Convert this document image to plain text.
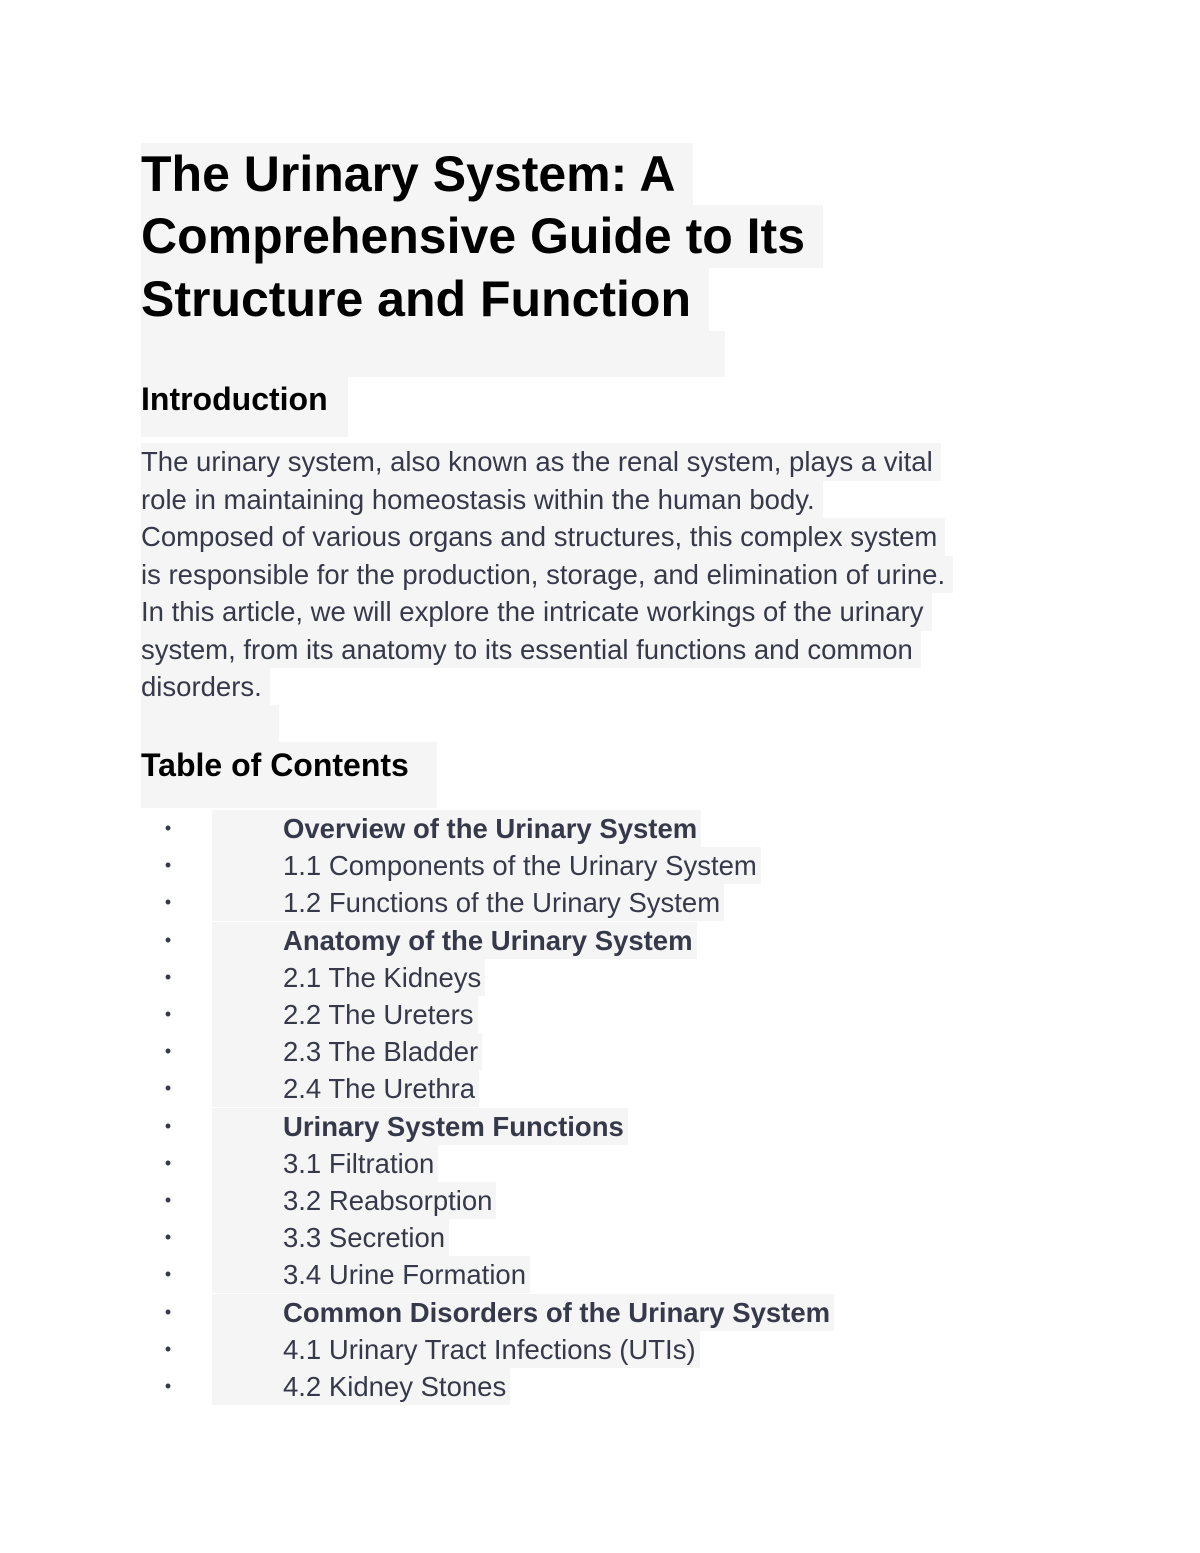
The Urinary System: A
Comprehensive Guide to Its
Structure and Function
Introduction
The urinary system, also known as the renal system, plays a vital
role in maintaining homeostasis within the human body.
Composed of various organs and structures, this complex system
is responsible for the production, storage, and elimination of urine.
In this article, we will explore the intricate workings of the urinary
system, from its anatomy to its essential functions and common
disorders.
Table of Contents
•	Overview of the Urinary System
•	1.1 Components of the Urinary System
•	1.2 Functions of the Urinary System
•	Anatomy of the Urinary System
•	2.1 The Kidneys
•	2.2 The Ureters
•	2.3 The Bladder
•	2.4 The Urethra
•	Urinary System Functions
•	3.1 Filtration
•	3.2 Reabsorption
•	3.3 Secretion
•	3.4 Urine Formation
•	Common Disorders of the Urinary System
•	4.1 Urinary Tract Infections (UTIs)
•	4.2 Kidney Stones
